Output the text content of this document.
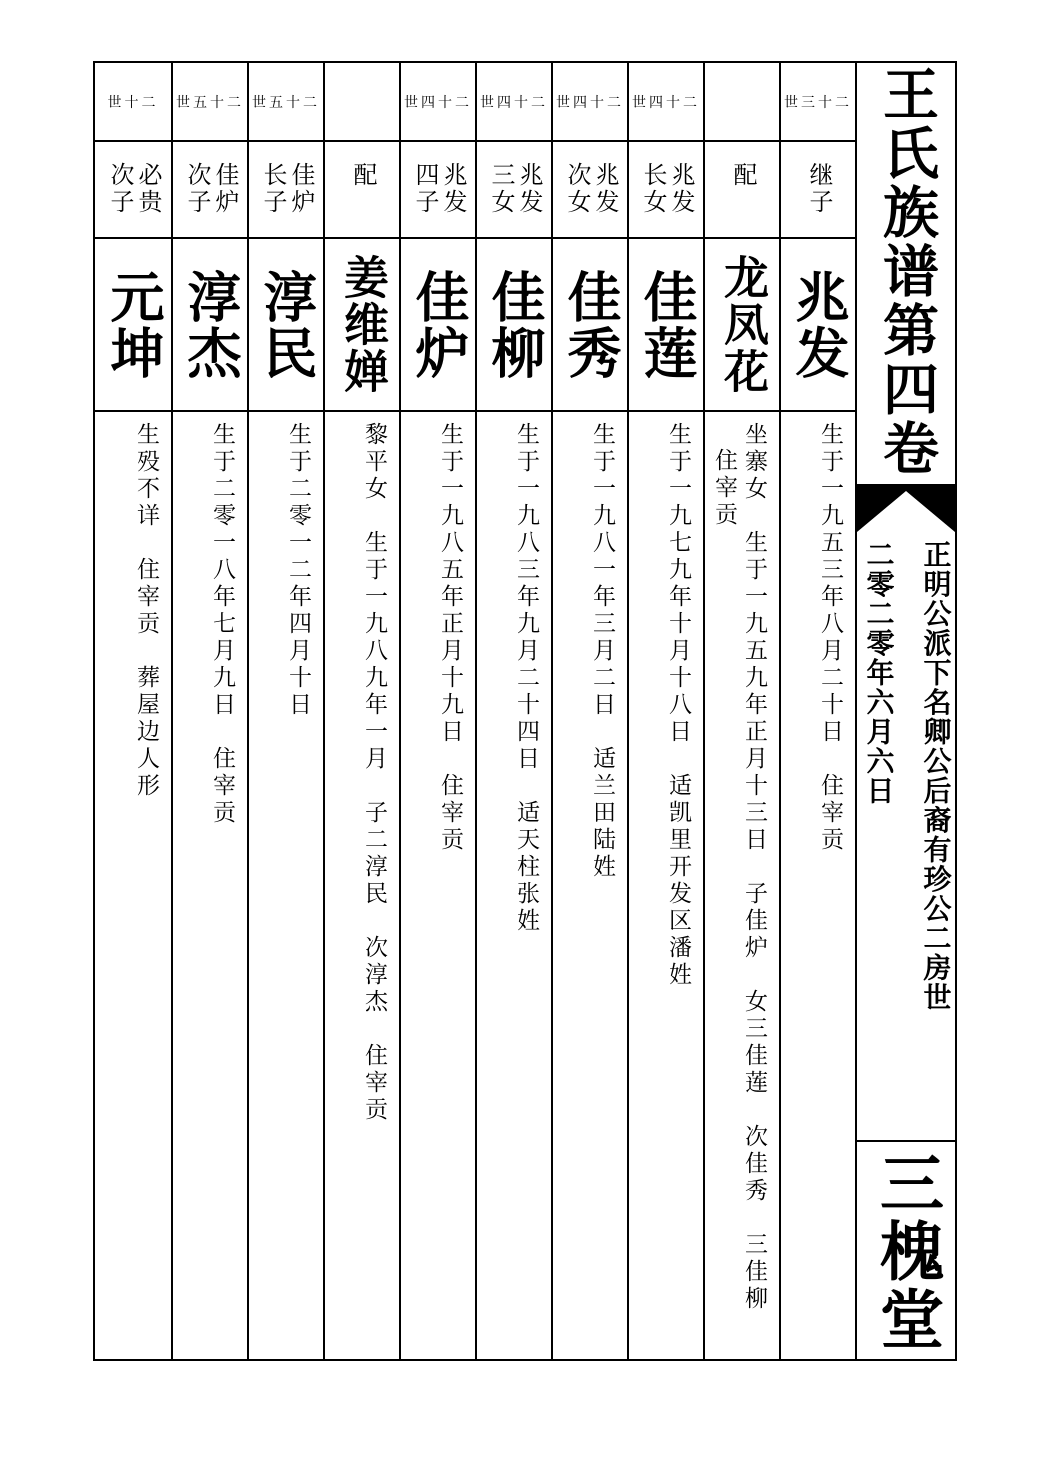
世三十二
继子
兆发
生于一九五三年八月二十日　住宰贡
配
龙凤花
坐寨女　生于一九五九年正月十三日　子佳炉　女三佳莲　次佳秀　三佳柳
住宰贡
世四十二
兆发长女
佳莲
生于一九七九年十月十八日　适凯里开发区潘姓
世四十二
兆发次女
佳秀
生于一九八一年三月二日　适兰田陆姓
世四十二
兆发三女
佳柳
生于一九八三年九月二十四日　适天柱张姓
世四十二
兆发四子
佳炉
生于一九八五年正月十九日　住宰贡
配
姜维婵
黎平女　生于一九八九年一月　子二淳民　次淳杰　住宰贡
世五十二
佳炉长子
淳民
生于二零一二年四月十日
世五十二
佳炉次子
淳杰
生于二零一八年七月九日　住宰贡
世十二
必贵次子
元坤
生殁不详　住宰贡　葬屋边人形
王氏族谱第四卷
正明公派下名卿公后裔有珍公二房世
二零二零年六月六日
三槐堂
